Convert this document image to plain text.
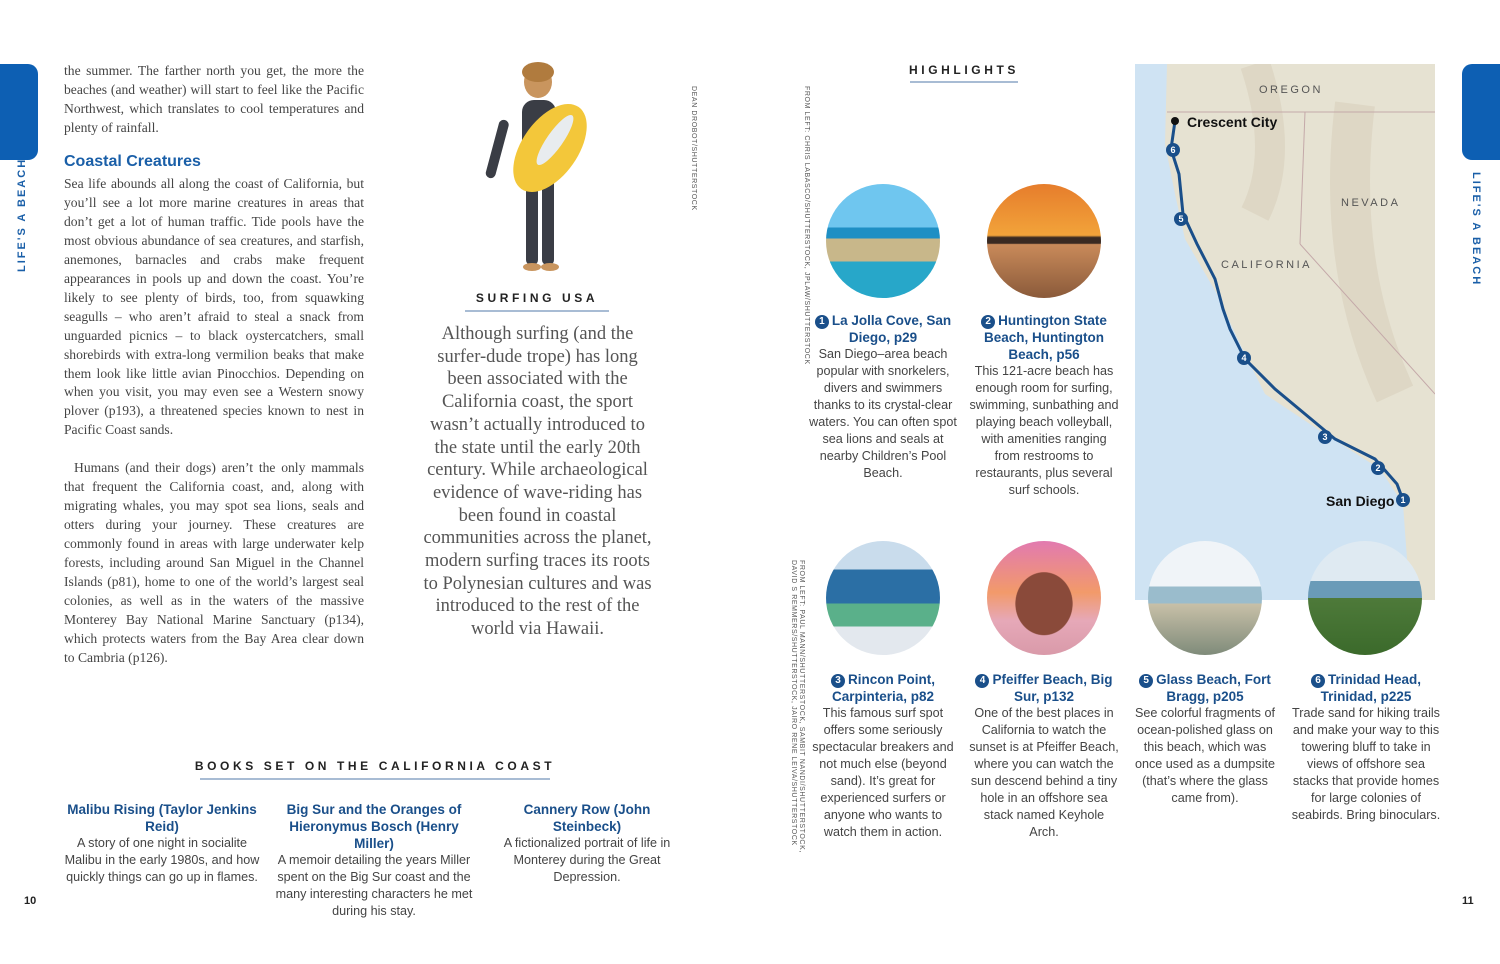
LIFE'S A BEACH	LIFE'S A BEACH
the summer. The farther north you get, the more the beaches (and weather) will start to feel like the Pacific Northwest, which translates to cool temperatures and plenty of rainfall.
Coastal Creatures
Sea life abounds all along the coast of California, but you’ll see a lot more marine creatures in areas that don’t get a lot of human traffic. Tide pools have the most obvious abundance of sea creatures, and starfish, anemones, barnacles and crabs make frequent appearances in pools up and down the coast. You’re likely to see plenty of birds, too, from squawking seagulls – who aren’t afraid to steal a snack from unguarded picnics – to black oystercatchers, small shorebirds with extra-long vermilion beaks that make them look like little avian Pinocchios. Depending on when you visit, you may even see a Western snowy plover (p193), a threatened species known to nest in Pacific Coast sands.
Humans (and their dogs) aren’t the only mammals that frequent the California coast, and, along with migrating whales, you may spot sea lions, seals and otters during your journey. These creatures are commonly found in areas with large underwater kelp forests, including around San Miguel in the Channel Islands (p81), home to one of the world’s largest seal colonies, as well as in the waters of the massive Monterey Bay National Marine Sanctuary (p134), which protects waters from the Bay Area clear down to Cambria (p126).
DEAN DROBOT/SHUTTERSTOCK
SURFING USA
Although surfing (and the surfer-dude trope) has long been associated with the California coast, the sport wasn’t actually introduced to the state until the early 20th century. While archaeological evidence of wave-riding has been found in coastal communities across the planet, modern surfing traces its roots to Polynesian cultures and was introduced to the rest of the world via Hawaii.
BOOKS SET ON THE CALIFORNIA COAST
Malibu Rising (Taylor Jenkins Reid)
A story of one night in socialite Malibu in the early 1980s, and how quickly things can go up in flames.
Big Sur and the Oranges of Hieronymus Bosch (Henry Miller)
A memoir detailing the years Miller spent on the Big Sur coast and the many interesting characters he met during his stay.
Cannery Row (John Steinbeck)
A fictionalized portrait of life in Monterey during the Great Depression.
10
1
2
3
4
5
6
OREGON
NEVADA
CALIFORNIA
Crescent City
San Diego
HIGHLIGHTS
FROM LEFT: CHRIS LABASCO/SHUTTERSTOCK, JPLAW/SHUTTERSTOCK
FROM LEFT: PAUL MANN/SHUTTERSTOCK, SAMBIT NANDI/SHUTTERSTOCK,
DAVID S REMMERS/SHUTTERSTOCK, JAIRO RENE LEIVA/SHUTTERSTOCK
1 La Jolla Cove, San Diego, p29
San Diego–area beach popular with snorkelers, divers and swimmers thanks to its crystal-clear waters. You can often spot sea lions and seals at nearby Children’s Pool Beach.
2 Huntington State Beach, Huntington Beach, p56
This 121-acre beach has enough room for surfing, swimming, sunbathing and playing beach volleyball, with amenities ranging from restrooms to restaurants, plus several surf schools.
3 Rincon Point, Carpinteria, p82
This famous surf spot offers some seriously spectacular breakers and not much else (beyond sand). It’s great for experienced surfers or anyone who wants to watch them in action.
4 Pfeiffer Beach, Big Sur, p132
One of the best places in California to watch the sunset is at Pfeiffer Beach, where you can watch the sun descend behind a tiny hole in an offshore sea stack named Keyhole Arch.
5 Glass Beach, Fort Bragg, p205
See colorful fragments of ocean-polished glass on this beach, which was once used as a dumpsite (that’s where the glass came from).
6 Trinidad Head, Trinidad, p225
Trade sand for hiking trails and make your way to this towering bluff to take in views of offshore sea stacks that provide homes for large colonies of seabirds. Bring binoculars.
11
